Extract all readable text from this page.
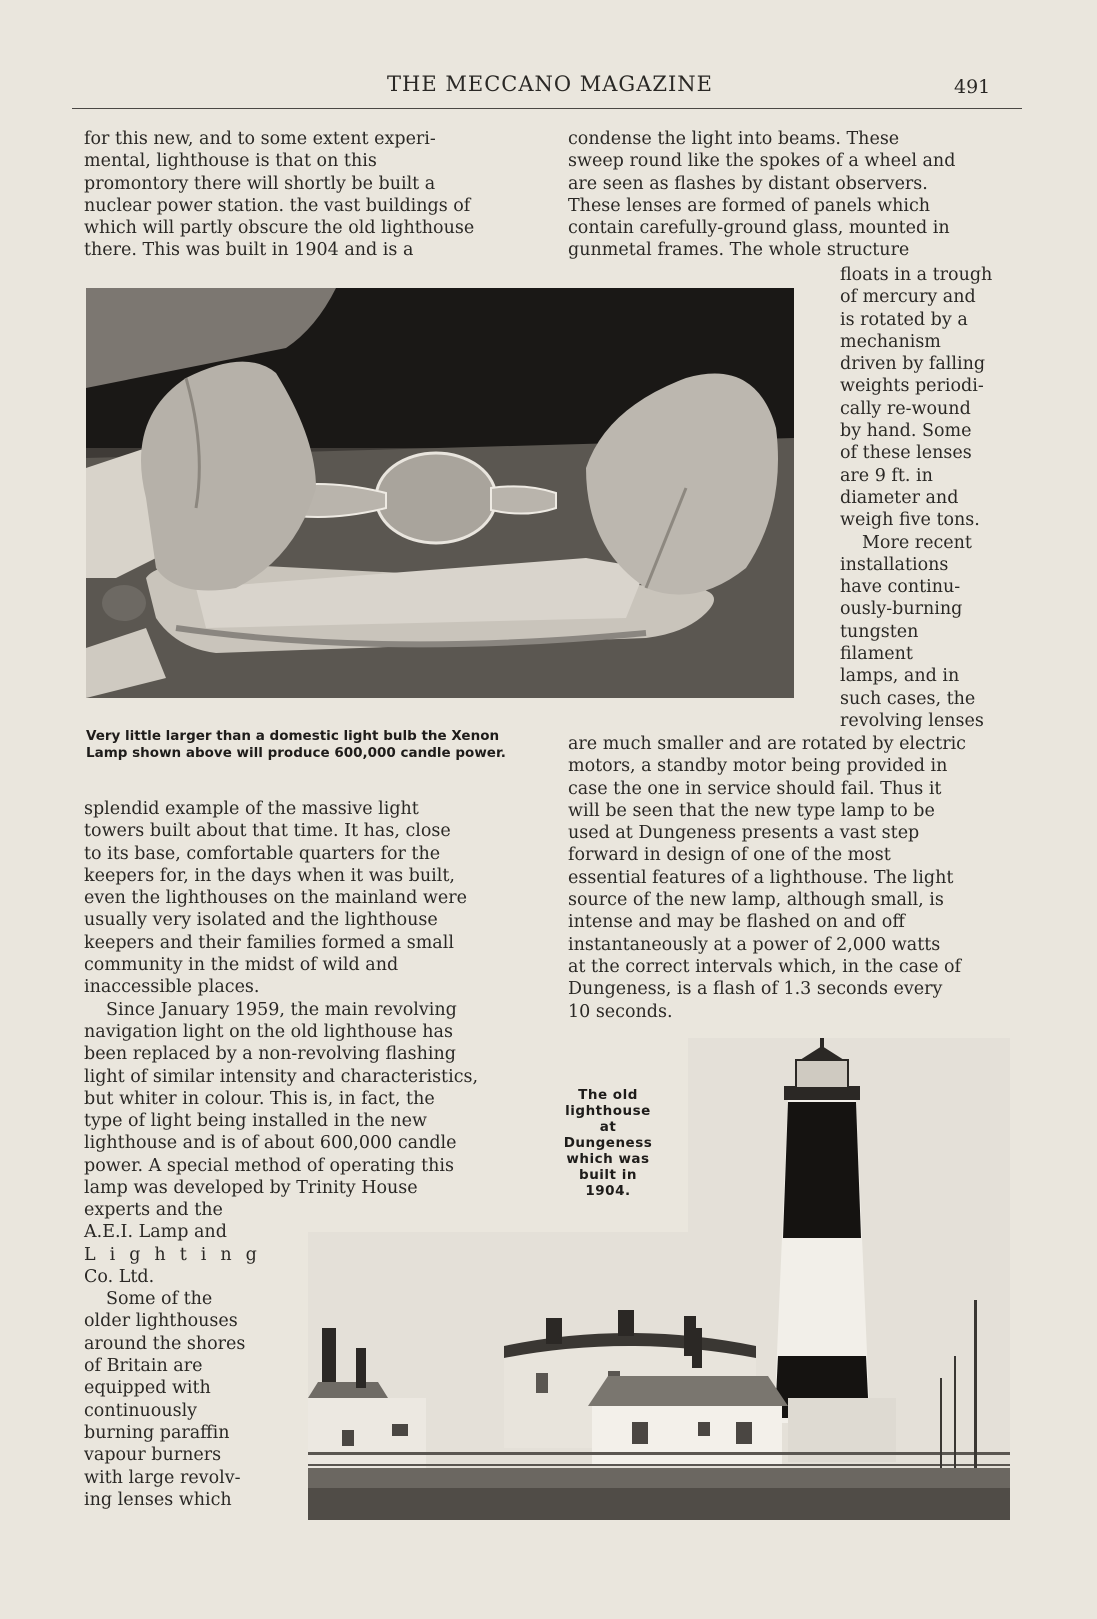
THE MECCANO MAGAZINE	491

for this new, and to some extent experi-

mental, lighthouse is that on this

promontory there will shortly be built a

nuclear power station. the vast buildings of

which will partly obscure the old lighthouse

there. This was built in 1904 and is a

condense the light into beams. These

sweep round like the spokes of a wheel and

are seen as flashes by distant observers.

These lenses are formed of panels which

contain carefully-ground glass, mounted in

gunmetal frames. The whole structure

floats in a trough

of mercury and

is rotated by a

mechanism

driven by falling

weights periodi-

cally re-wound

by hand. Some

of these lenses

are 9 ft. in

diameter and

weigh five tons.

More recent

installations

have continu-

ously-burning

tungsten

filament

lamps, and in

such cases, the

revolving lenses

Very little larger than a domestic light bulb the Xenon
Lamp shown above will produce 600,000 candle power.	are much smaller and are rotated by electric

motors, a standby motor being provided in

case the one in service should fail. Thus it

will be seen that the new type lamp to be

used at Dungeness presents a vast step

forward in design of one of the most

essential features of a lighthouse. The light

source of the new lamp, although small, is

intense and may be flashed on and off

instantaneously at a power of 2,000 watts

at the correct intervals which, in the case of

Dungeness, is a flash of 1.3 seconds every

10 seconds.

splendid example of the massive light

towers built about that time. It has, close

to its base, comfortable quarters for the

keepers for, in the days when it was built,

even the lighthouses on the mainland were

usually very isolated and the lighthouse

keepers and their families formed a small

community in the midst of wild and

inaccessible places.

Since January 1959, the main revolving

navigation light on the old lighthouse has

been replaced by a non-revolving flashing

light of similar intensity and characteristics,

but whiter in colour. This is, in fact, the

type of light being installed in the new

lighthouse and is of about 600,000 candle

power. A special method of operating this

lamp was developed by Trinity House

experts and the

A.E.I. Lamp and

Lighting

Co. Ltd.

Some of the

older lighthouses

around the shores

of Britain are

equipped with

continuously

burning paraffin

vapour burners

with large revolv-

ing lenses which

The old
lighthouse
at
Dungeness
which was
built in
1904.
